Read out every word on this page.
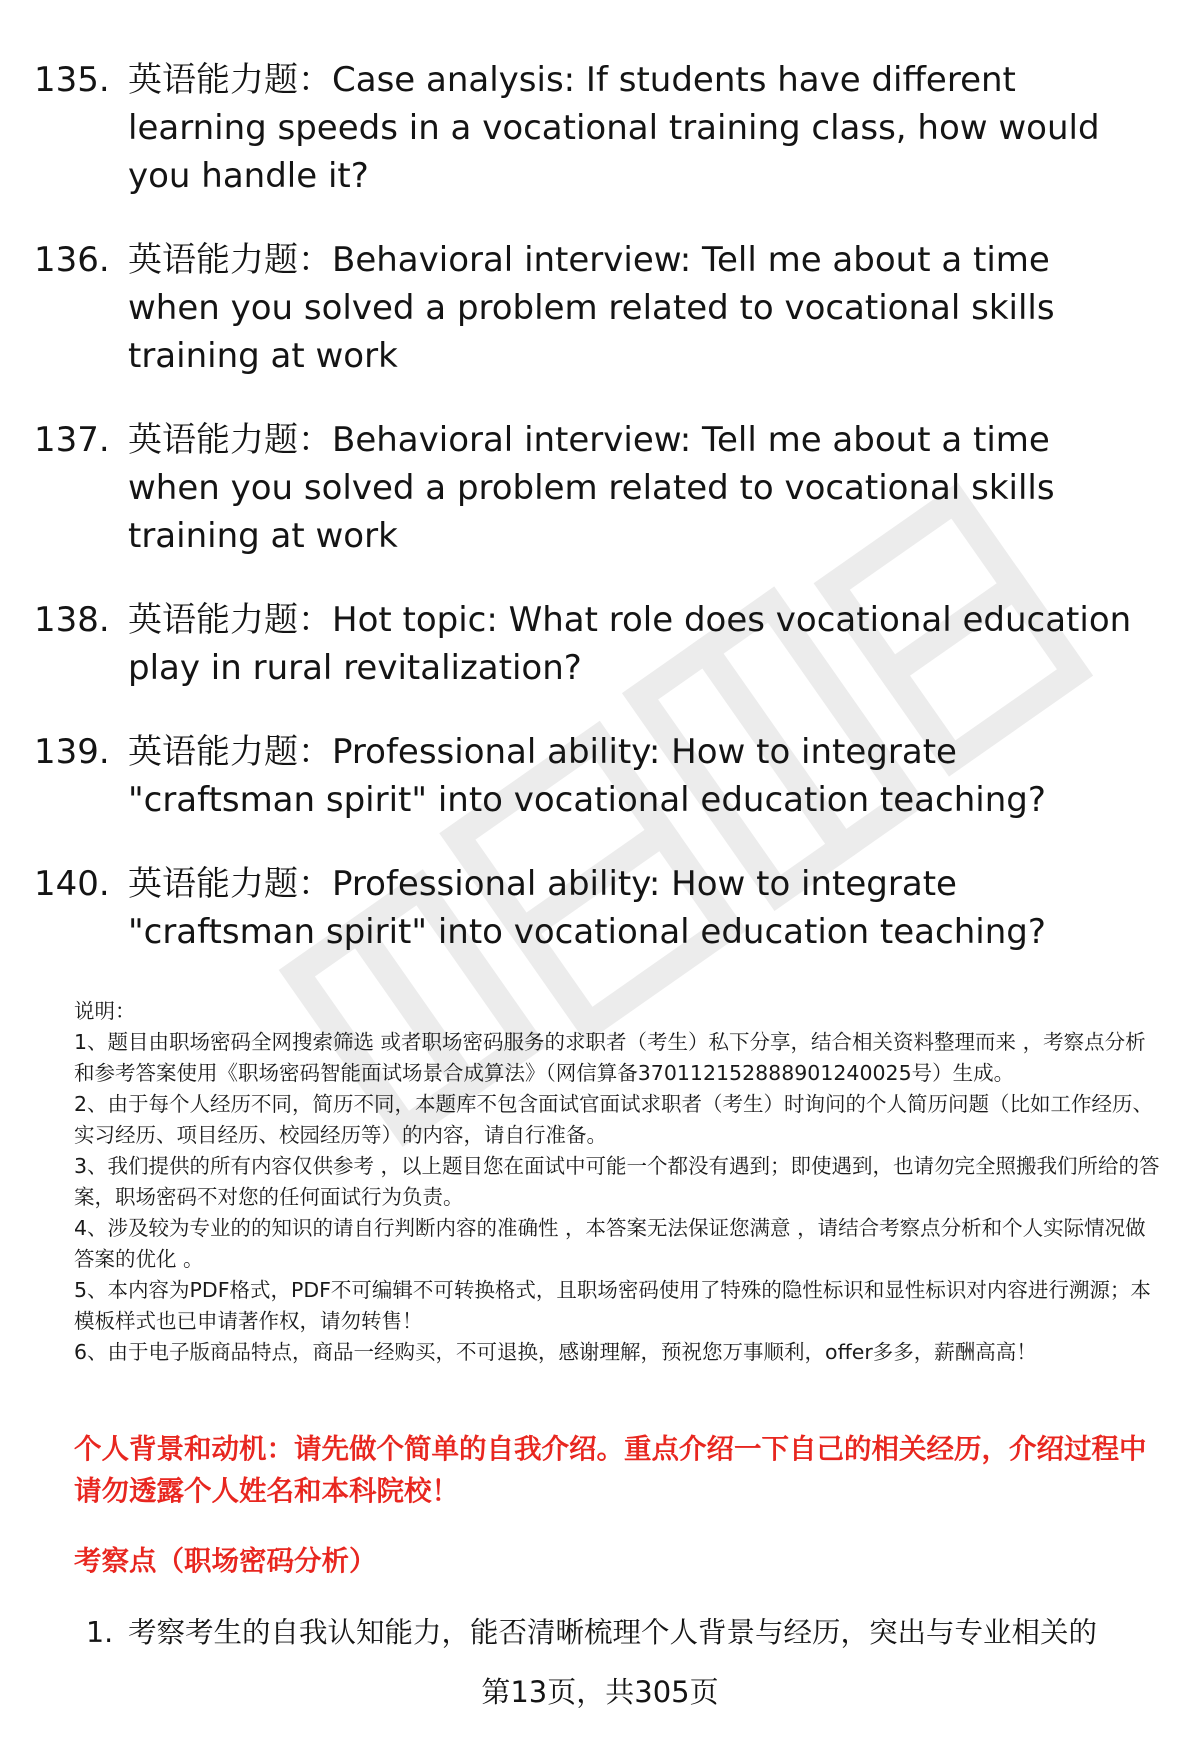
135. 英语能力题：Case analysis: If students have different learning speeds in a vocational training class, how would you handle it?
136. 英语能力题：Behavioral interview: Tell me about a time when you solved a problem related to vocational skills training at work
137. 英语能力题：Behavioral interview: Tell me about a time when you solved a problem related to vocational skills training at work
138. 英语能力题：Hot topic: What role does vocational education play in rural revitalization?
139. 英语能力题：Professional ability: How to integrate "craftsman spirit" into vocational education teaching?
140. 英语能力题：Professional ability: How to integrate "craftsman spirit" into vocational education teaching?

说明：

1、题目由职场密码全网搜索筛选 或者职场密码服务的求职者（考生）私下分享，结合相关资料整理而来 ，考察点分析和参考答案使用《职场密码智能面试场景合成算法》（网信算备370112152888901240025号）生成。

2、由于每个人经历不同，简历不同，本题库不包含面试官面试求职者（考生）时询问的个人简历问题（比如工作经历、实习经历、项目经历、校园经历等）的内容，请自行准备。

3、我们提供的所有内容仅供参考 ，以上题目您在面试中可能一个都没有遇到；即使遇到，也请勿完全照搬我们所给的答案，职场密码不对您的任何面试行为负责。

4、涉及较为专业的的知识的请自行判断内容的准确性 ，本答案无法保证您满意 ，请结合考察点分析和个人实际情况做答案的优化 。

5、本内容为PDF格式，PDF不可编辑不可转换格式，且职场密码使用了特殊的隐性标识和显性标识对内容进行溯源；本模板样式也已申请著作权，请勿转售！

6、由于电子版商品特点，商品一经购买，不可退换，感谢理解，预祝您万事顺利，offer多多，薪酬高高！

个人背景和动机：请先做个简单的自我介绍。重点介绍一下自己的相关经历，介绍过程中请勿透露个人姓名和本科院校！
考察点（职场密码分析）
1. 考察考生的自我认知能力，能否清晰梳理个人背景与经历，突出与专业相关的
第13页，共305页
